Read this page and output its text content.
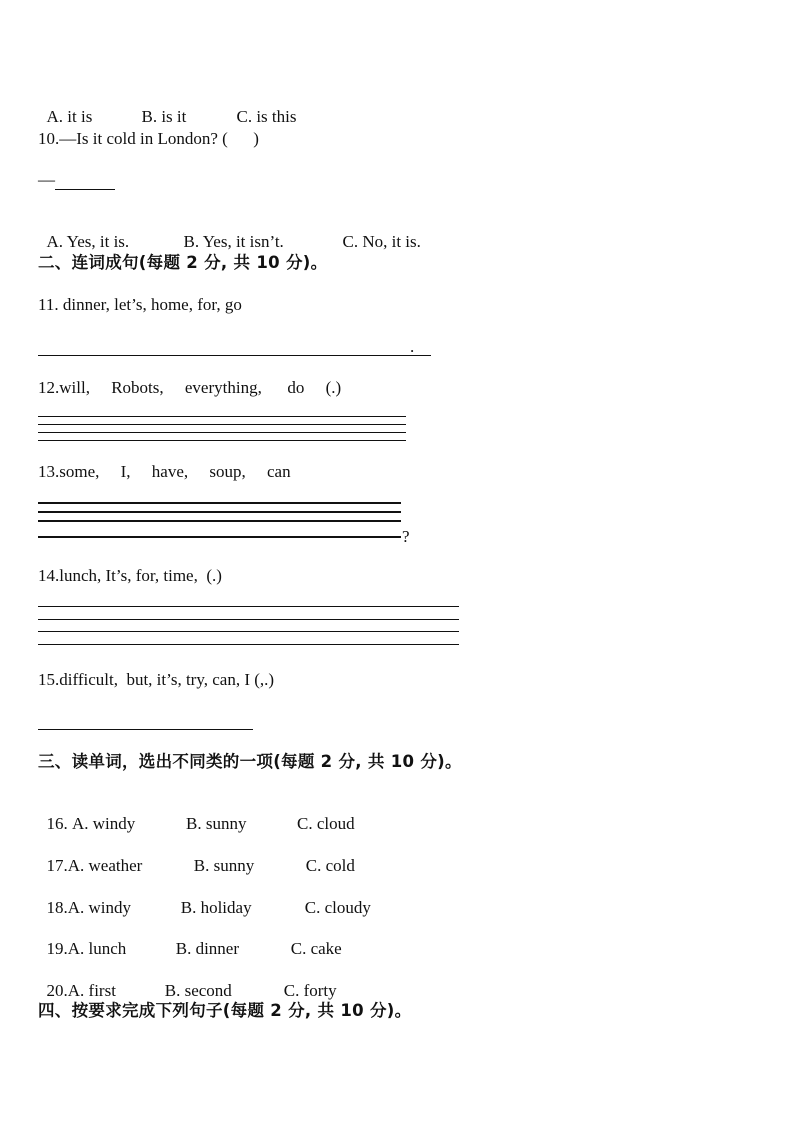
A. it is	B. is it	C. is this

10.—Is it cold in London? (      )
—

A. Yes, it is.	B. Yes, it isn’t.	C. No, it is.

二、连词成句(每题 2 分, 共 10 分)。
11. dinner, let’s, home, for, go
.
12.will,     Robots,     everything,      do     (.)
13.some,     I,     have,     soup,     can
?
14.lunch, It’s, for, time,  (.)
15.difficult,  but, it’s, try, can, I (,.)
三、读单词，选出不同类的一项(每题 2 分, 共 10 分)。

16. A. windy	B. sunny	C. cloud

17.A. weather	B. sunny	C. cold

18.A. windy	B. holiday	C. cloudy

19.A. lunch	B. dinner	C. cake

20.A. first	B. second	C. forty

四、按要求完成下列句子(每题 2 分, 共 10 分)。
